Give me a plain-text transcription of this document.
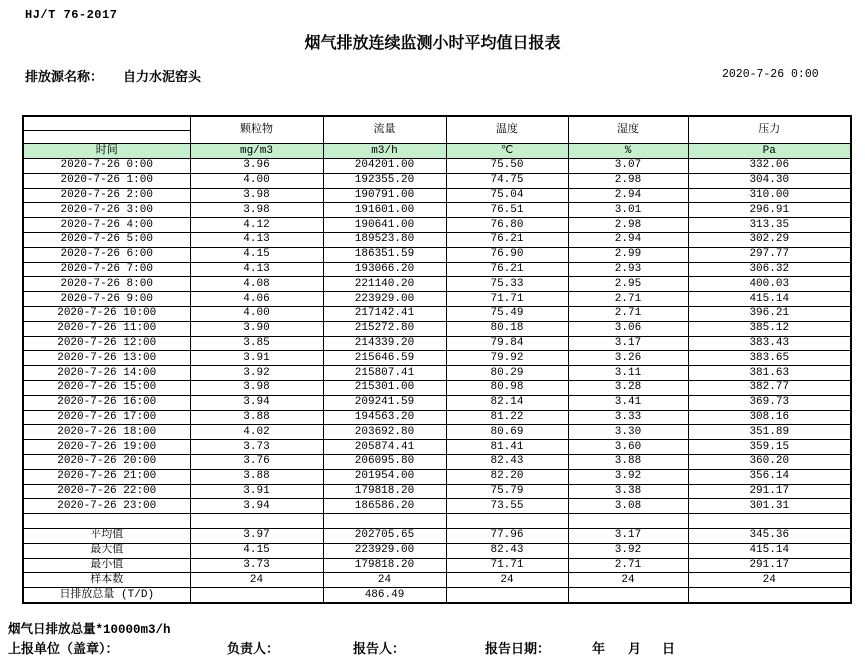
HJ/T 76-2017
烟气排放连续监测小时平均值日报表
排放源名称： 自力水泥窑头	2020-7-26 0:00
	颗粒物	流量	温度	湿度	压力

时间	mg/m3	m3/h	℃	%	Pa
2020-7-26 0:00	3.96	204201.00	75.50	3.07	332.06
2020-7-26 1:00	4.00	192355.20	74.75	2.98	304.30
2020-7-26 2:00	3.98	190791.00	75.04	2.94	310.00
2020-7-26 3:00	3.98	191601.00	76.51	3.01	296.91
2020-7-26 4:00	4.12	190641.00	76.80	2.98	313.35
2020-7-26 5:00	4.13	189523.80	76.21	2.94	302.29
2020-7-26 6:00	4.15	186351.59	76.90	2.99	297.77
2020-7-26 7:00	4.13	193066.20	76.21	2.93	306.32
2020-7-26 8:00	4.08	221140.20	75.33	2.95	400.03
2020-7-26 9:00	4.06	223929.00	71.71	2.71	415.14
2020-7-26 10:00	4.00	217142.41	75.49	2.71	396.21
2020-7-26 11:00	3.90	215272.80	80.18	3.06	385.12
2020-7-26 12:00	3.85	214339.20	79.84	3.17	383.43
2020-7-26 13:00	3.91	215646.59	79.92	3.26	383.65
2020-7-26 14:00	3.92	215807.41	80.29	3.11	381.63
2020-7-26 15:00	3.98	215301.00	80.98	3.28	382.77
2020-7-26 16:00	3.94	209241.59	82.14	3.41	369.73
2020-7-26 17:00	3.88	194563.20	81.22	3.33	308.16
2020-7-26 18:00	4.02	203692.80	80.69	3.30	351.89
2020-7-26 19:00	3.73	205874.41	81.41	3.60	359.15
2020-7-26 20:00	3.76	206095.80	82.43	3.88	360.20
2020-7-26 21:00	3.88	201954.00	82.20	3.92	356.14
2020-7-26 22:00	3.91	179818.20	75.79	3.38	291.17
2020-7-26 23:00	3.94	186586.20	73.55	3.08	301.31

平均值	3.97	202705.65	77.96	3.17	345.36
最大值	4.15	223929.00	82.43	3.92	415.14
最小值	3.73	179818.20	71.71	2.71	291.17
样本数	24	24	24	24	24
日排放总量 (T/D)		486.49			
烟气日排放总量*10000m3/h
上报单位（盖章）：	负责人：	报告人：	报告日期：	年 月 日
